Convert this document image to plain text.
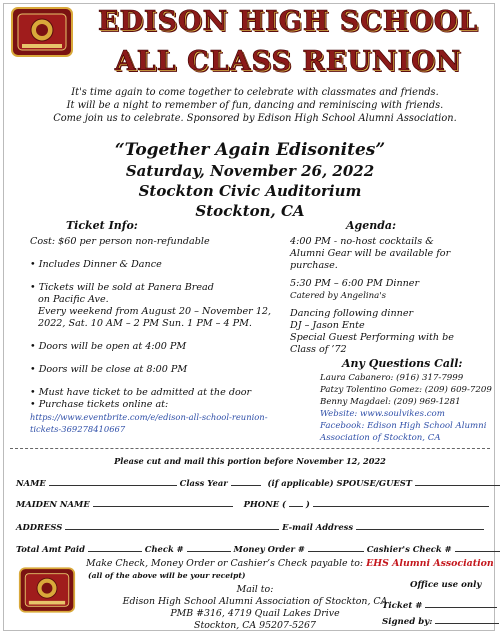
EDISON HIGH SCHOOL
ALL CLASS REUNION
It's time again to come together to celebrate with classmates and friends.
It will be a night to remember of fun, dancing and reminiscing with friends.
Come join us to celebrate. Sponsored by Edison High School Alumni Association.
“Together Again Edisonites”
Saturday, November 26, 2022
Stockton Civic Auditorium
Stockton, CA

Ticket Info:

Cost: $60 per person non-refundable

• Includes Dinner & Dance

• Tickets will be sold at Panera Bread

on Pacific Ave.

Every weekend from August 20 – November 12,

2022, Sat. 10 AM – 2 PM Sun. 1 PM – 4 PM.

• Doors will be open at 4:00 PM

• Doors will be close at 8:00 PM

• Must have ticket to be admitted at the door

• Purchase tickets online at:

https://www.eventbrite.com/e/edison-all-school-reunion-

tickets-369278410667

Agenda:

4:00 PM - no-host cocktails &

Alumni Gear will be available for

purchase.

5:30 PM – 6:00 PM Dinner

Catered by Angelina's

Dancing following dinner

DJ – Jason Ente

Special Guest Performing with be

Class of ’72

Any Questions Call:

Laura Cabanero: (916) 317-7999

Patzy Tolentino Gomez: (209) 609-7209

Benny Magdael: (209) 969-1281

Website: www.soulvikes.com

Facebook: Edison High School Alumni

Association of Stockton, CA

Please cut and mail this portion before November 12, 2022
NAME	Class Year	(if applicable) SPOUSE/GUEST
MAIDEN NAME	PHONE ( )
ADDRESS	E-mail Address
Total Amt Paid	Check #	Money Order #	Cashier's Check #
Make Check, Money Order or Cashier’s Check payable to: EHS Alumni Association
(all of the above will be your receipt)
Mail to:
Edison High School Alumni Association of Stockton, CA
PMB #316, 4719 Quail Lakes Drive
Stockton, CA 95207-5267
Office use only
Ticket #
Signed by:
